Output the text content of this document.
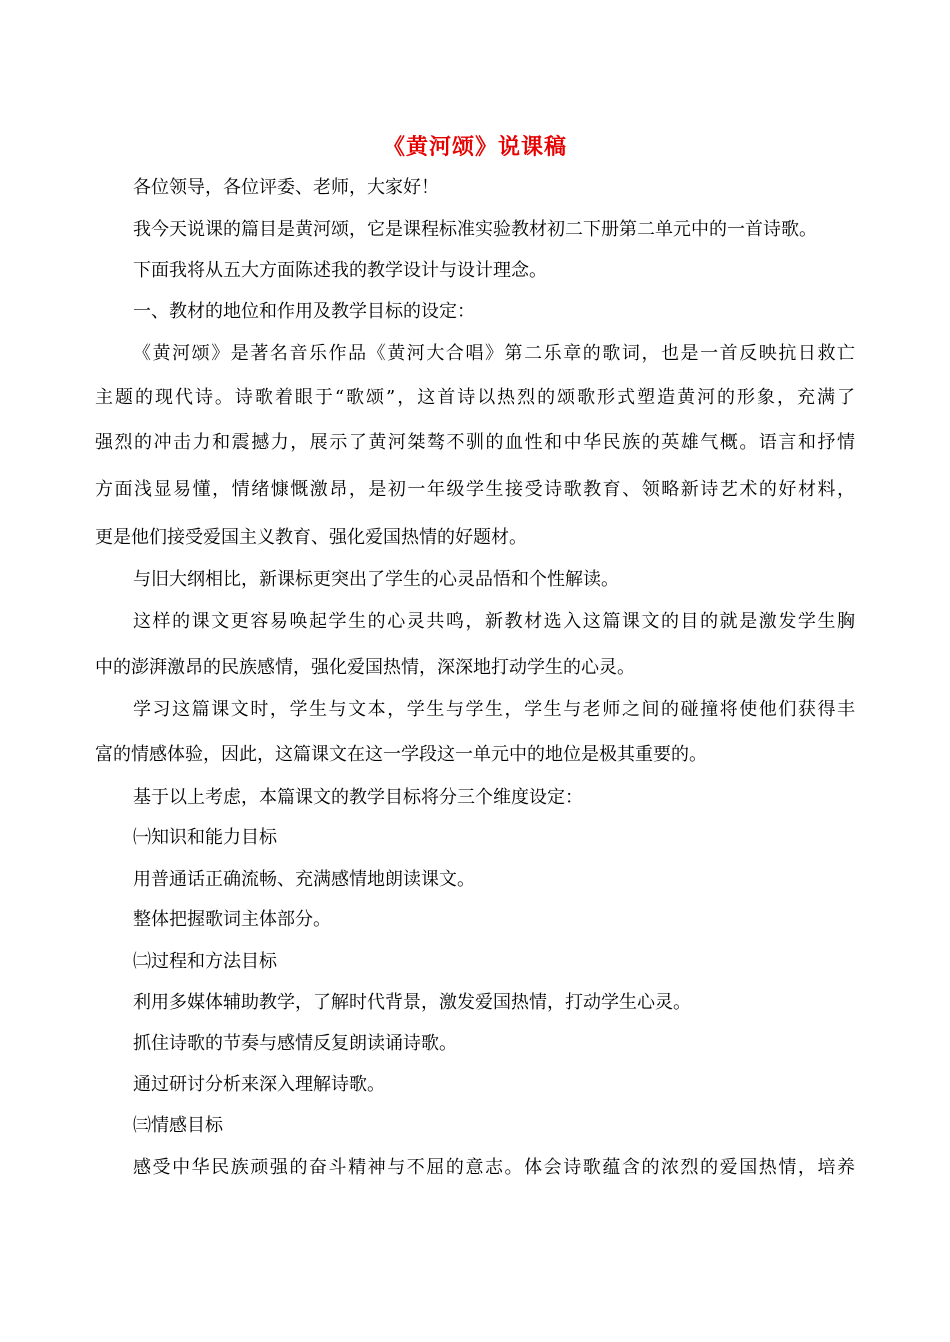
《黄河颂》说课稿
各位领导，各位评委、老师，大家好！
我今天说课的篇目是黄河颂，它是课程标准实验教材初二下册第二单元中的一首诗歌。
下面我将从五大方面陈述我的教学设计与设计理念。
一、教材的地位和作用及教学目标的设定：
《黄河颂》是著名音乐作品《黄河大合唱》第二乐章的歌词，也是一首反映抗日救亡
主题的现代诗。诗歌着眼于“歌颂”，这首诗以热烈的颂歌形式塑造黄河的形象，充满了
强烈的冲击力和震撼力，展示了黄河桀骜不驯的血性和中华民族的英雄气概。语言和抒情
方面浅显易懂，情绪慷慨激昂，是初一年级学生接受诗歌教育、领略新诗艺术的好材料，
更是他们接受爱国主义教育、强化爱国热情的好题材。
与旧大纲相比，新课标更突出了学生的心灵品悟和个性解读。
这样的课文更容易唤起学生的心灵共鸣，新教材选入这篇课文的目的就是激发学生胸
中的澎湃激昂的民族感情，强化爱国热情，深深地打动学生的心灵。
学习这篇课文时，学生与文本，学生与学生，学生与老师之间的碰撞将使他们获得丰
富的情感体验，因此，这篇课文在这一学段这一单元中的地位是极其重要的。
基于以上考虑，本篇课文的教学目标将分三个维度设定：
㈠知识和能力目标
用普通话正确流畅、充满感情地朗读课文。
整体把握歌词主体部分。
㈡过程和方法目标
利用多媒体辅助教学，了解时代背景，激发爱国热情，打动学生心灵。
抓住诗歌的节奏与感情反复朗读诵诗歌。
通过研讨分析来深入理解诗歌。
㈢情感目标
感受中华民族顽强的奋斗精神与不屈的意志。体会诗歌蕴含的浓烈的爱国热情，培养
